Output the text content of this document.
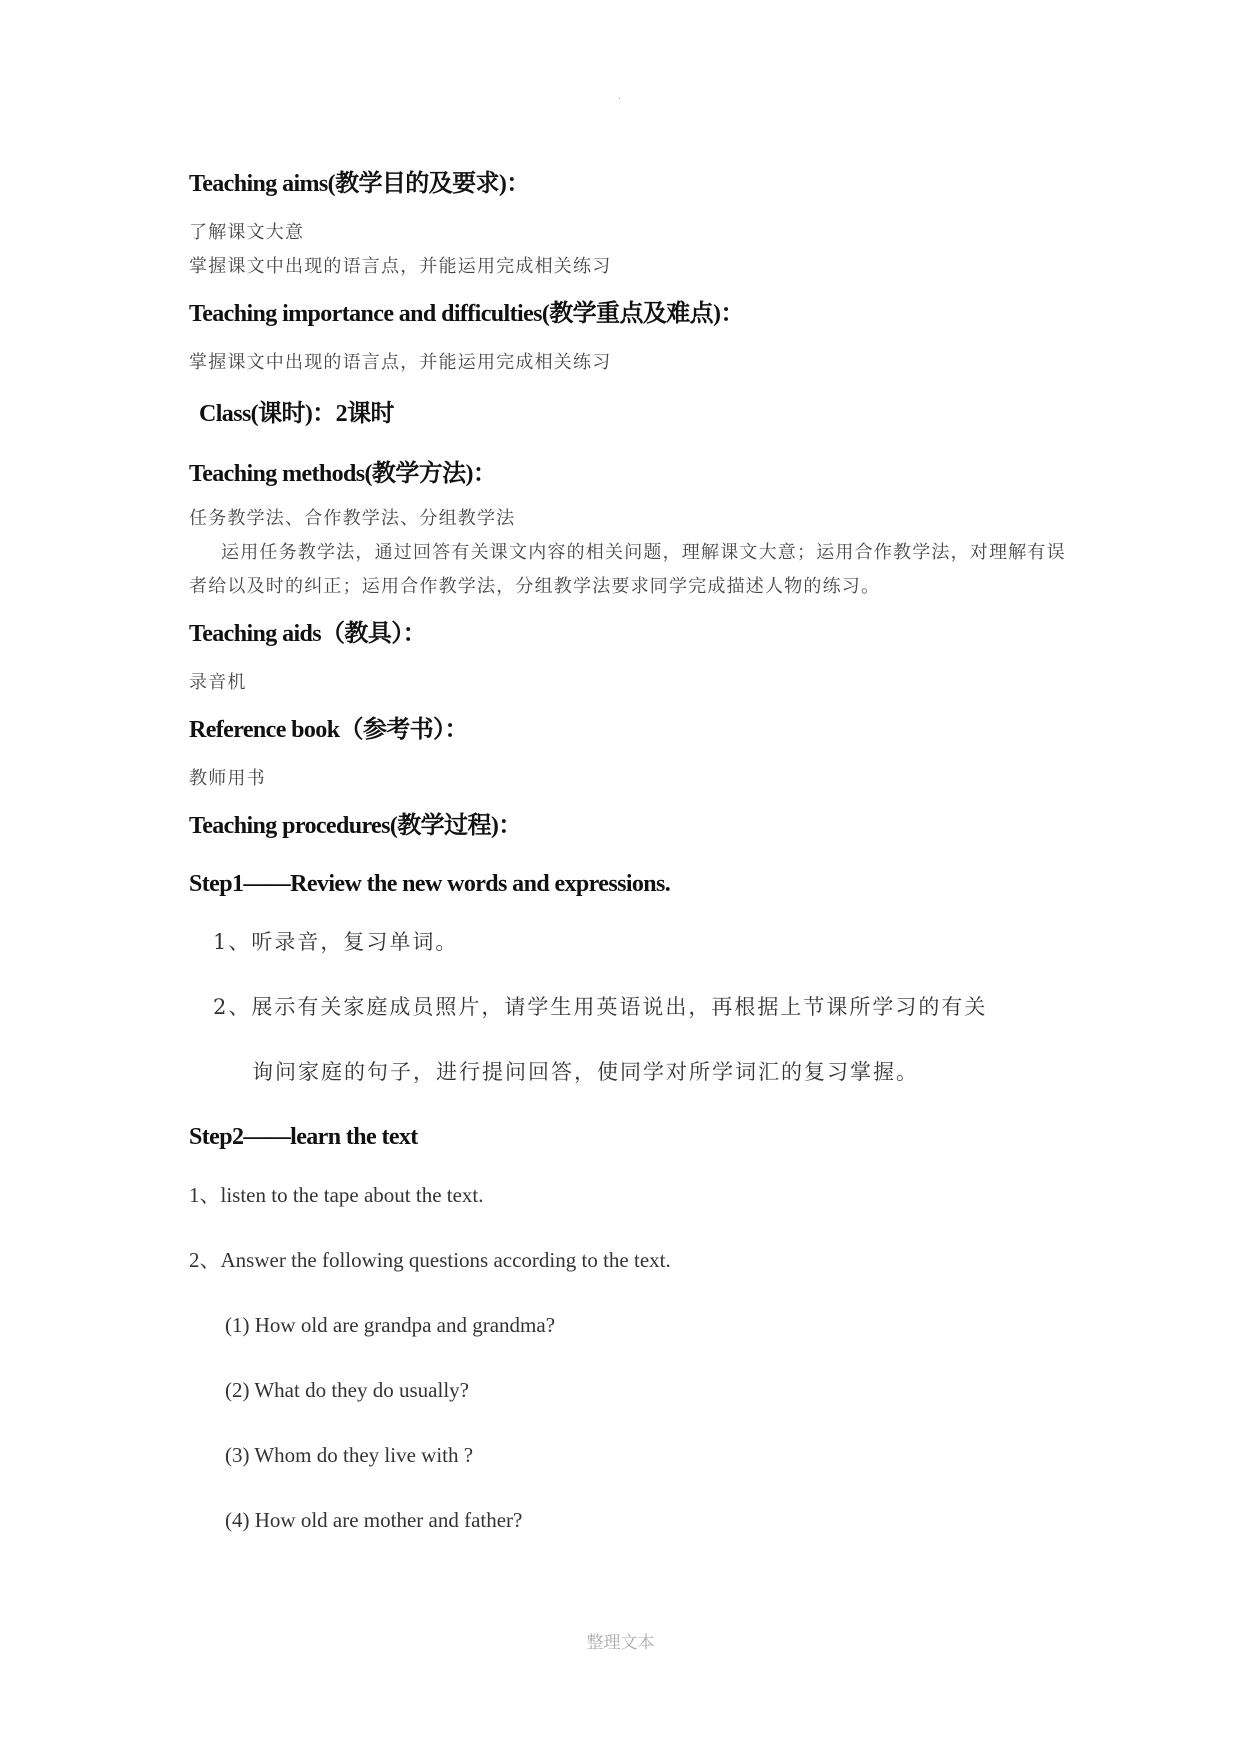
.

Teaching aims(教学目的及要求)：

了解课文大意

掌握课文中出现的语言点，并能运用完成相关练习

Teaching importance and difficulties(教学重点及难点)：

掌握课文中出现的语言点，并能运用完成相关练习

Class(课时)：2课时

Teaching methods(教学方法)：

任务教学法、合作教学法、分组教学法

运用任务教学法，通过回答有关课文内容的相关问题，理解课文大意；运用合作教学法，对理解有误者给以及时的纠正；运用合作教学法，分组教学法要求同学完成描述人物的练习。

Teaching aids（教具）：

录音机

Reference book（参考书）：

教师用书

Teaching procedures(教学过程)：

Step1——Review the new words and expressions.

1、听录音，复习单词。

2、展示有关家庭成员照片，请学生用英语说出，再根据上节课所学习的有关

询问家庭的句子，进行提问回答，使同学对所学词汇的复习掌握。

Step2——learn the text

1、listen to the tape about the text.

2、Answer the following questions according to the text.

(1) How old are grandpa and grandma?

(2) What do they do usually?

(3) Whom do they live with ?

(4) How old are mother and father?

整理文本
